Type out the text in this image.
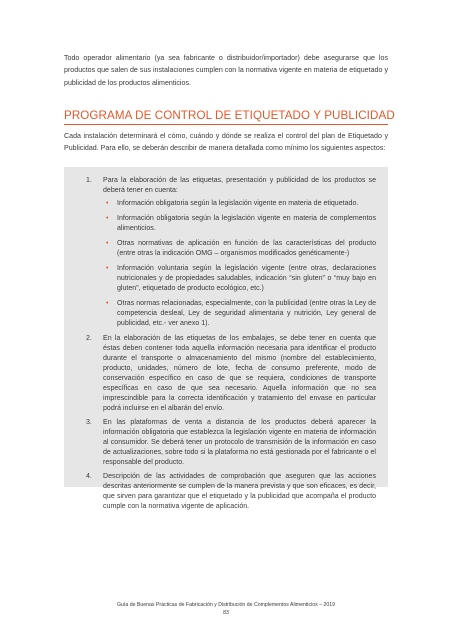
Todo operador alimentario (ya sea fabricante o distribuidor/importador) debe asegurarse que los productos que salen de sus instalaciones cumplen con la normativa vigente en materia de etiquetado y publicidad de los productos alimenticios.

PROGRAMA DE CONTROL DE ETIQUETADO Y PUBLICIDAD

Cada instalación determinará el cómo, cuándo y dónde se realiza el control del plan de Etiquetado y Publicidad. Para ello, se deberán describir de manera detallada como mínimo los siguientes aspectos:

1. Para la elaboración de las etiquetas, presentación y publicidad de los productos se deberá tener en cuenta:
• Información obligatoria según la legislación vigente en materia de etiquetado.
• Información obligatoria según la legislación vigente en materia de complementos alimenticios.
• Otras normativas de aplicación en función de las características del producto (entre otras la indicación OMG – organismos modificados genéticamente-)
• Información voluntaria según la legislación vigente (entre otras, declaraciones nutricionales y de propiedades saludables, indicación “sin gluten” o “muy bajo en gluten”, etiquetado de producto ecológico, etc.)
• Otras normas relacionadas, especialmente, con la publicidad (entre otras la Ley de competencia desleal, Ley de seguridad alimentaria y nutrición, Ley general de publicidad, etc.- ver anexo 1).
2. En la elaboración de las etiquetas de los embalajes, se debe tener en cuenta que éstas deben contener toda aquella información necesaria para identificar el producto durante el transporte o almacenamiento del mismo (nombre del establecimiento, producto, unidades, número de lote, fecha de consumo preferente, modo de conservación específico en caso de que se requiera, condiciones de transporte específicas en caso de que sea necesario. Aquella información que no sea imprescindible para la correcta identificación y tratamiento del envase en particular podrá incluirse en el albarán del envío.
3. En las plataformas de venta a distancia de los productos deberá aparecer la información obligatoria que establezca la legislación vigente en materia de información al consumidor. Se deberá tener un protocolo de transmisión de la información en caso de actualizaciones, sobre todo si la plataforma no está gestionada por el fabricante o el responsable del producto.
4. Descripción de las actividades de comprobación que aseguren que las acciones descritas anteriormente se cumplen de la manera prevista y que son eficaces, es decir, que sirven para garantizar que el etiquetado y la publicidad que acompaña el producto cumple con la normativa vigente de aplicación.
Guía de Buenas Prácticas de Fabricación y Distribución de Complementos Alimenticios – 2019
83
